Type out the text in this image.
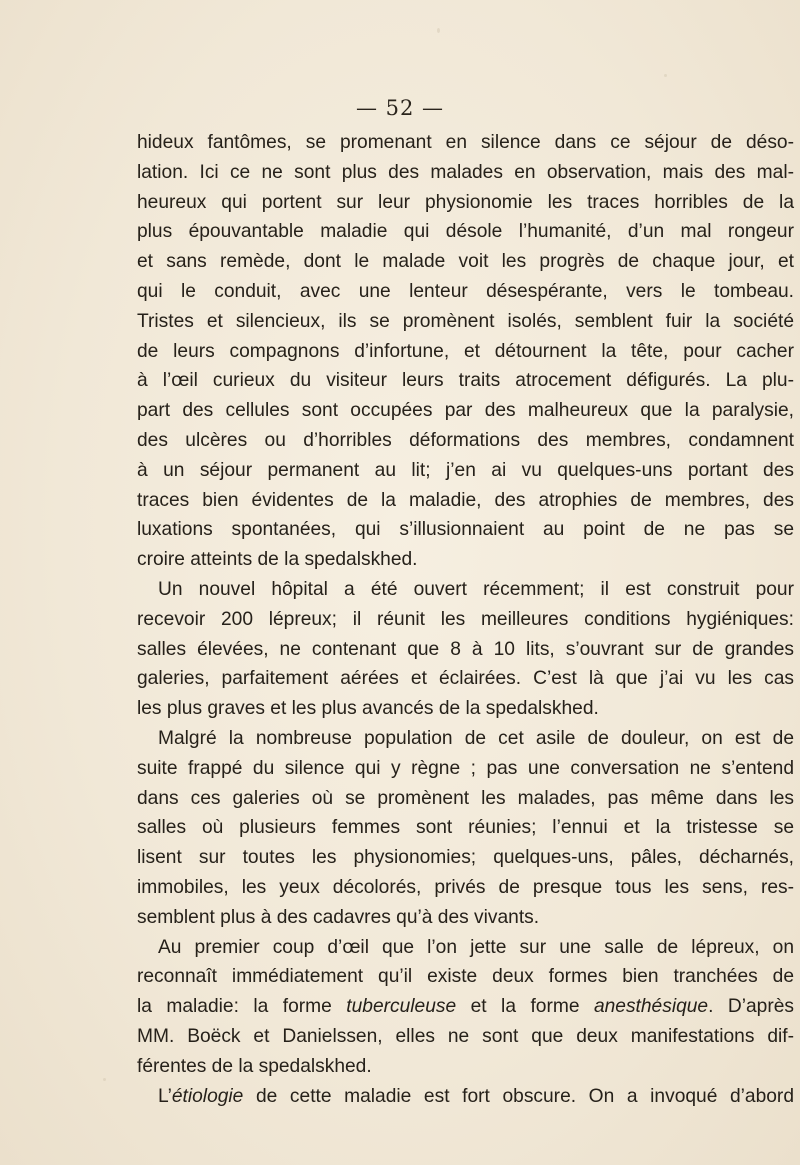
— 52 —
hideux fantômes, se promenant en silence dans ce séjour de déso-
lation. Ici ce ne sont plus des malades en observation, mais des mal-
heureux qui portent sur leur physionomie les traces horribles de la
plus épouvantable maladie qui désole l’humanité, d’un mal rongeur
et sans remède, dont le malade voit les progrès de chaque jour, et
qui le conduit, avec une lenteur désespérante, vers le tombeau.
Tristes et silencieux, ils se promènent isolés, semblent fuir la société
de leurs compagnons d’infortune, et détournent la tête, pour cacher
à l’œil curieux du visiteur leurs traits atrocement défigurés. La plu-
part des cellules sont occupées par des malheureux que la paralysie,
des ulcères ou d’horribles déformations des membres, condamnent
à un séjour permanent au lit; j’en ai vu quelques-uns portant des
traces bien évidentes de la maladie, des atrophies de membres, des
luxations spontanées, qui s’illusionnaient au point de ne pas se
croire atteints de la spedalskhed.
Un nouvel hôpital a été ouvert récemment; il est construit pour
recevoir 200 lépreux; il réunit les meilleures conditions hygiéniques:
salles élevées, ne contenant que 8 à 10 lits, s’ouvrant sur de grandes
galeries, parfaitement aérées et éclairées. C’est là que j’ai vu les cas
les plus graves et les plus avancés de la spedalskhed.
Malgré la nombreuse population de cet asile de douleur, on est de
suite frappé du silence qui y règne ; pas une conversation ne s’entend
dans ces galeries où se promènent les malades, pas même dans les
salles où plusieurs femmes sont réunies; l’ennui et la tristesse se
lisent sur toutes les physionomies; quelques-uns, pâles, décharnés,
immobiles, les yeux décolorés, privés de presque tous les sens, res-
semblent plus à des cadavres qu’à des vivants.
Au premier coup d’œil que l’on jette sur une salle de lépreux, on
reconnaît immédiatement qu’il existe deux formes bien tranchées de
la maladie: la forme tuberculeuse et la forme anesthésique. D’après
MM. Boëck et Danielssen, elles ne sont que deux manifestations dif-
férentes de la spedalskhed.
L’étiologie de cette maladie est fort obscure. On a invoqué d’abord
